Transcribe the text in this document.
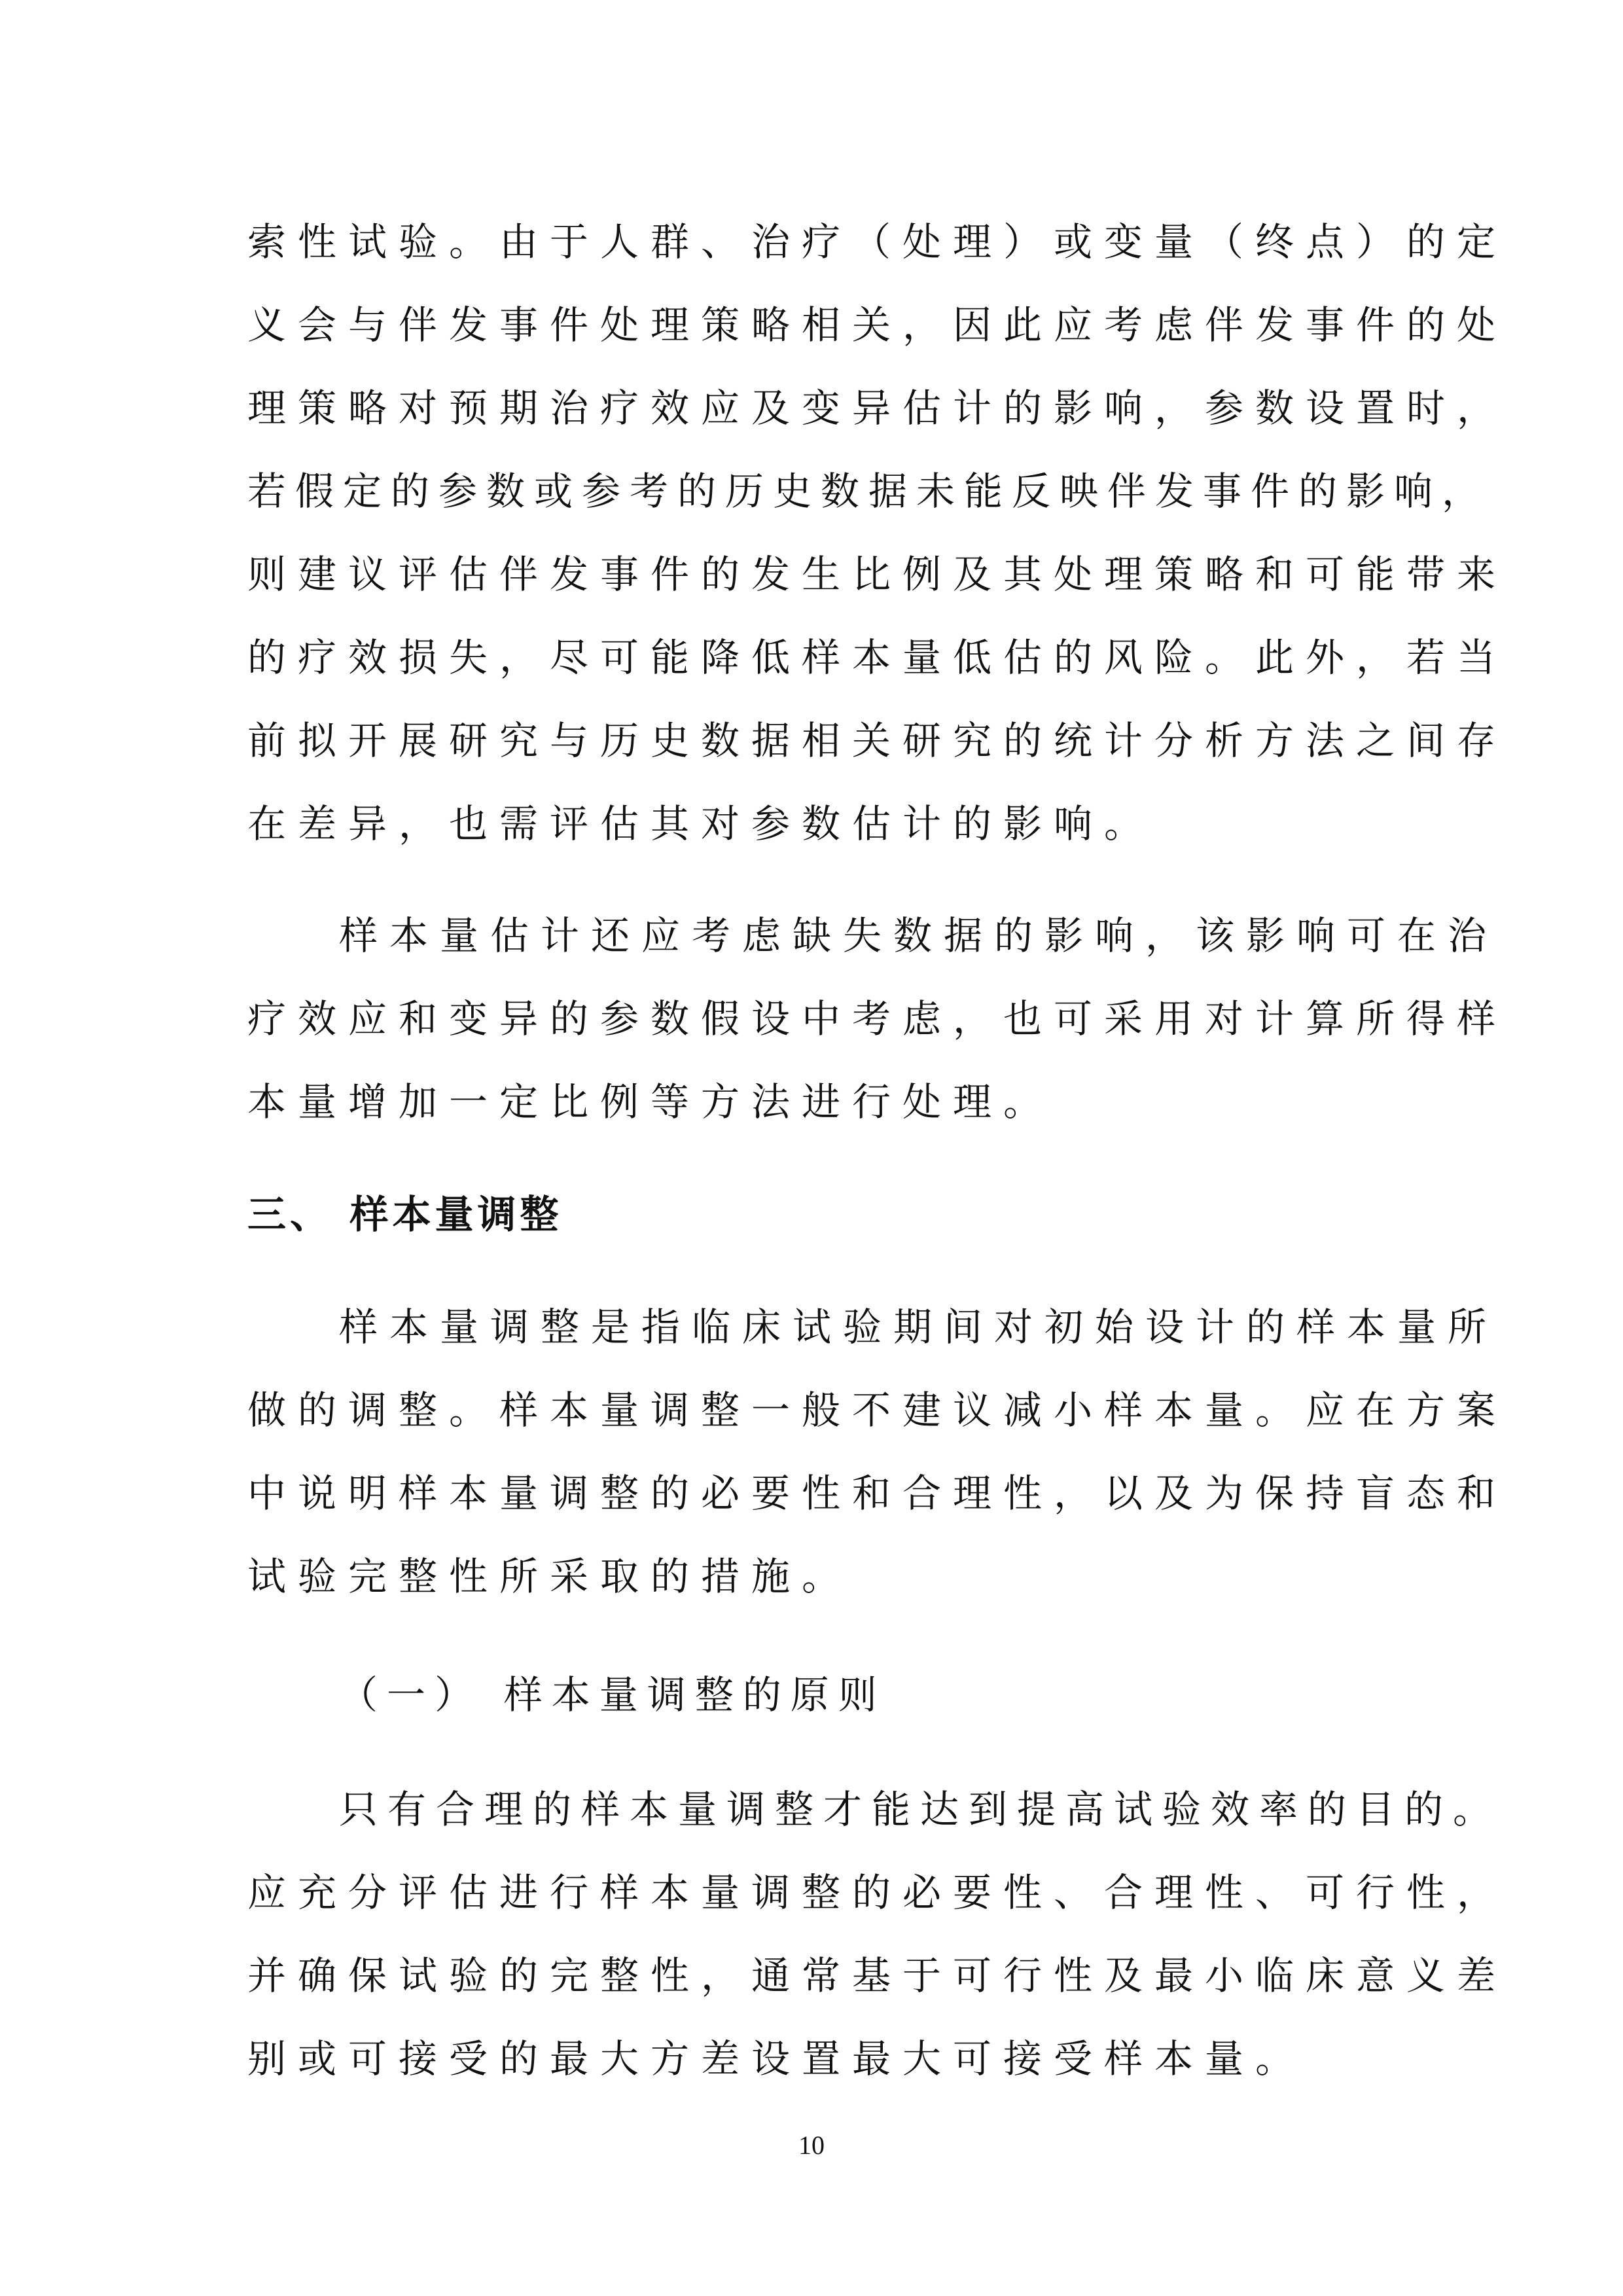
索性试验。由于人群、治疗（处理）或变量（终点）的定
义会与伴发事件处理策略相关，因此应考虑伴发事件的处
理策略对预期治疗效应及变异估计的影响，参数设置时，
若假定的参数或参考的历史数据未能反映伴发事件的影响，
则建议评估伴发事件的发生比例及其处理策略和可能带来
的疗效损失，尽可能降低样本量低估的风险。此外，若当
前拟开展研究与历史数据相关研究的统计分析方法之间存
在差异，也需评估其对参数估计的影响。
样本量估计还应考虑缺失数据的影响，该影响可在治
疗效应和变异的参数假设中考虑，也可采用对计算所得样
本量增加一定比例等方法进行处理。
三、 样本量调整
样本量调整是指临床试验期间对初始设计的样本量所
做的调整。样本量调整一般不建议减小样本量。应在方案
中说明样本量调整的必要性和合理性，以及为保持盲态和
试验完整性所采取的措施。
（一） 样本量调整的原则
只有合理的样本量调整才能达到提高试验效率的目的。
应充分评估进行样本量调整的必要性、合理性、可行性，
并确保试验的完整性，通常基于可行性及最小临床意义差
别或可接受的最大方差设置最大可接受样本量。
10
